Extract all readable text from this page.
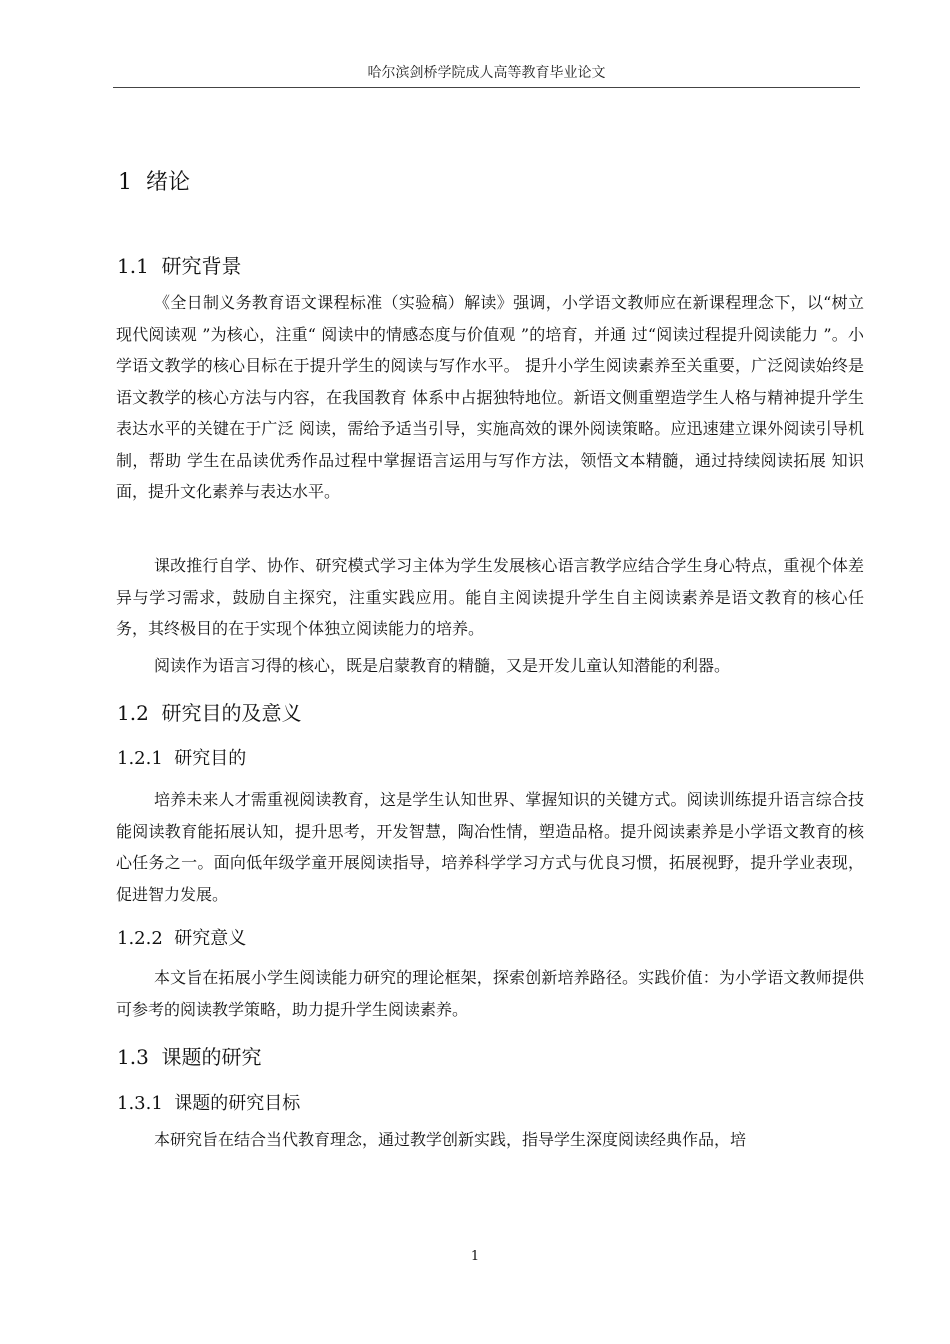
哈尔滨剑桥学院成人高等教育毕业论文
1 绪论
1.1 研究背景

《全日制义务教育语文课程标准（实验稿）解读》强调，小学语文教师应在新课程理念下，以“树立现代阅读观 ”为核心，注重“ 阅读中的情感态度与价值观 ”的培育，并通 过“阅读过程提升阅读能力 ”。小学语文教学的核心目标在于提升学生的阅读与写作水平。 提升小学生阅读素养至关重要，广泛阅读始终是语文教学的核心方法与内容，在我国教育 体系中占据独特地位。新语文侧重塑造学生人格与精神提升学生表达水平的关键在于广泛 阅读，需给予适当引导，实施高效的课外阅读策略。应迅速建立课外阅读引导机制，帮助 学生在品读优秀作品过程中掌握语言运用与写作方法，领悟文本精髓，通过持续阅读拓展 知识面，提升文化素养与表达水平。

课改推行自学、协作、研究模式学习主体为学生发展核心语言教学应结合学生身心特点，重视个体差异与学习需求，鼓励自主探究，注重实践应用。能自主阅读提升学生自主阅读素养是语文教育的核心任务，其终极目的在于实现个体独立阅读能力的培养。

阅读作为语言习得的核心，既是启蒙教育的精髓，又是开发儿童认知潜能的利器。

1.2 研究目的及意义
1.2.1 研究目的

培养未来人才需重视阅读教育，这是学生认知世界、掌握知识的关键方式。阅读训练提升语言综合技能阅读教育能拓展认知，提升思考，开发智慧，陶冶性情，塑造品格。提升阅读素养是小学语文教育的核心任务之一。面向低年级学童开展阅读指导，培养科学学习方式与优良习惯，拓展视野，提升学业表现，促进智力发展。

1.2.2 研究意义

本文旨在拓展小学生阅读能力研究的理论框架，探索创新培养路径。实践价值：为小学语文教师提供可参考的阅读教学策略，助力提升学生阅读素养。

1.3 课题的研究
1.3.1 课题的研究目标

本研究旨在结合当代教育理念，通过教学创新实践，指导学生深度阅读经典作品，培

1
